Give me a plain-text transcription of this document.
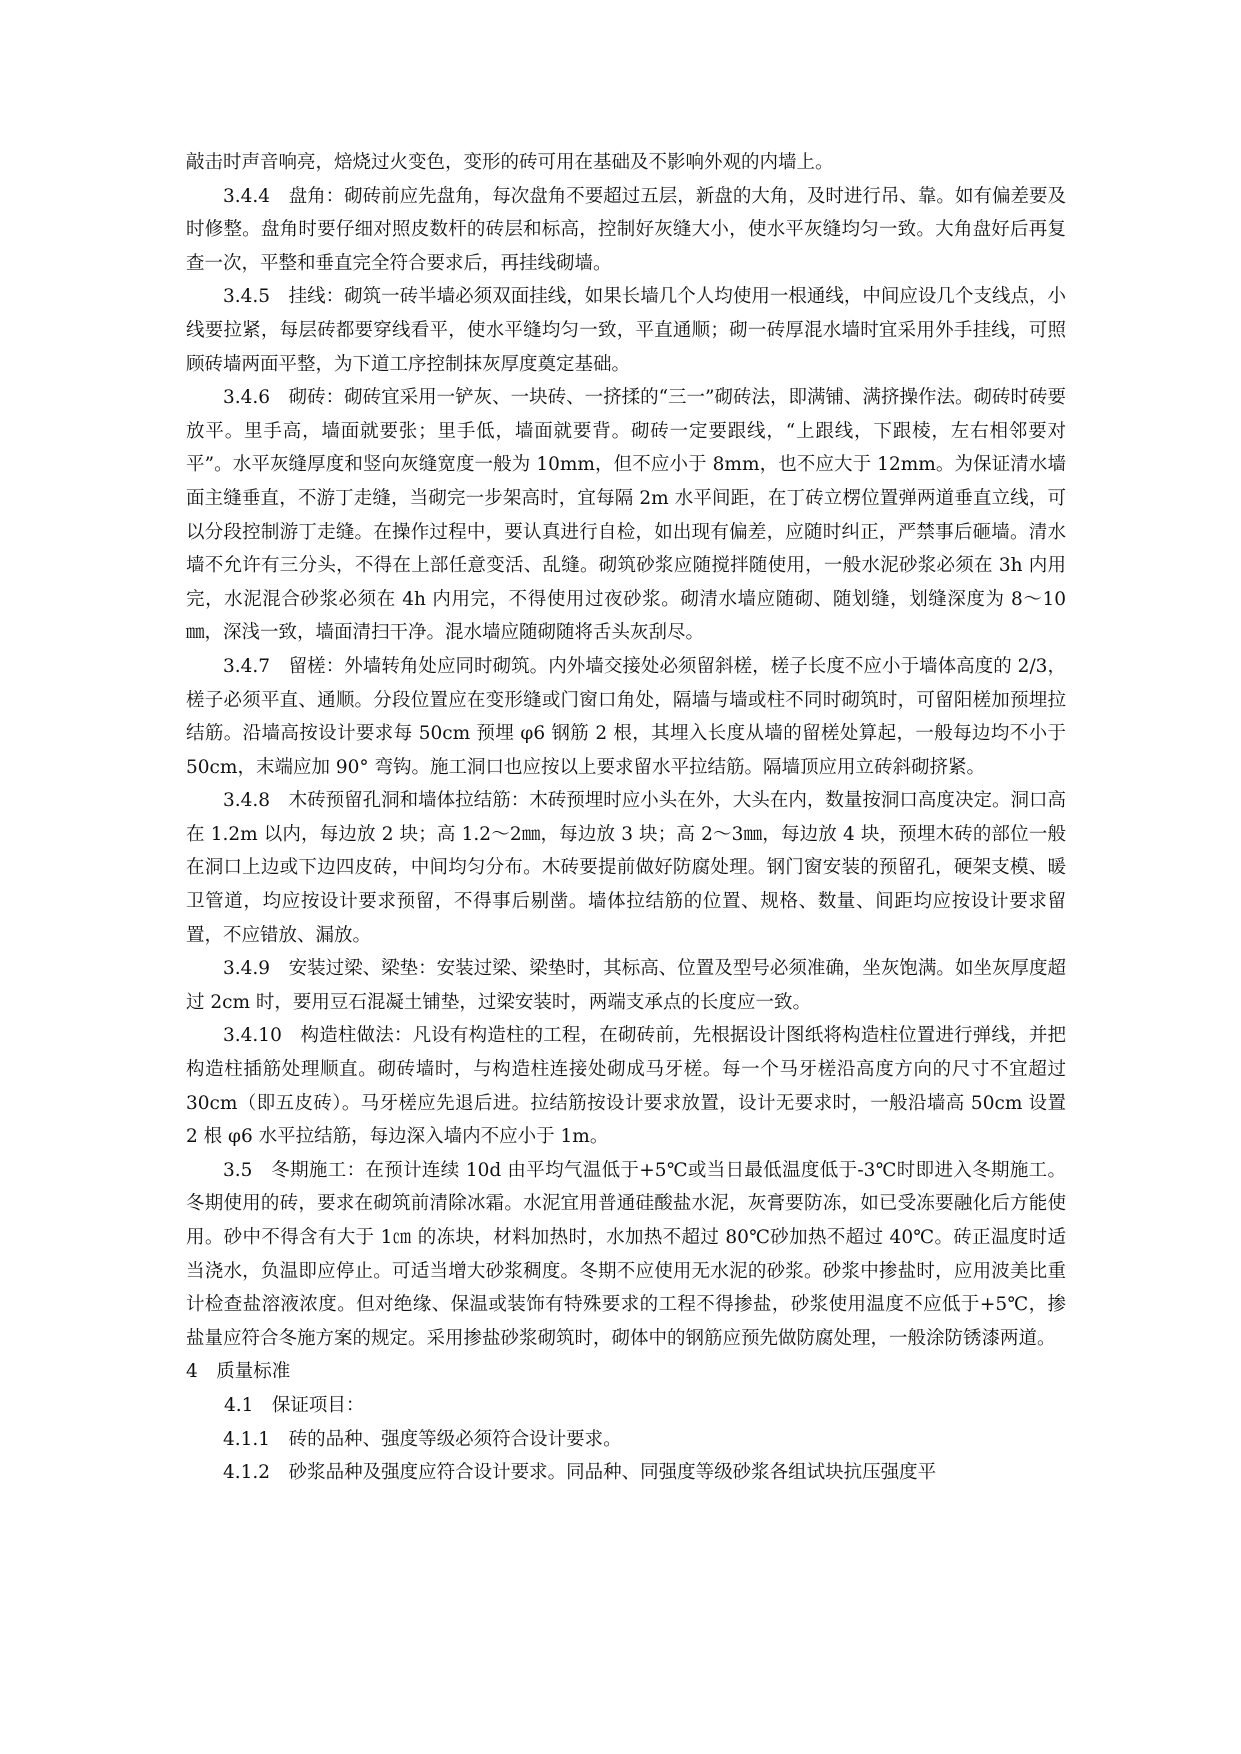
敲击时声音响亮，焙烧过火变色，变形的砖可用在基础及不影响外观的内墙上。

3.4.4 盘角：砌砖前应先盘角，每次盘角不要超过五层，新盘的大角，及时进行吊、靠。如有偏差要及时修整。盘角时要仔细对照皮数杆的砖层和标高，控制好灰缝大小，使水平灰缝均匀一致。大角盘好后再复查一次，平整和垂直完全符合要求后，再挂线砌墙。

3.4.5 挂线：砌筑一砖半墙必须双面挂线，如果长墙几个人均使用一根通线，中间应设几个支线点，小线要拉紧，每层砖都要穿线看平，使水平缝均匀一致，平直通顺；砌一砖厚混水墙时宜采用外手挂线，可照顾砖墙两面平整，为下道工序控制抹灰厚度奠定基础。

3.4.6 砌砖：砌砖宜采用一铲灰、一块砖、一挤揉的“三一”砌砖法，即满铺、满挤操作法。砌砖时砖要放平。里手高，墙面就要张；里手低，墙面就要背。砌砖一定要跟线，“上跟线，下跟棱，左右相邻要对平”。水平灰缝厚度和竖向灰缝宽度一般为 10mm，但不应小于 8mm，也不应大于 12mm。为保证清水墙面主缝垂直，不游丁走缝，当砌完一步架高时，宜每隔 2m 水平间距，在丁砖立楞位置弹两道垂直立线，可以分段控制游丁走缝。在操作过程中，要认真进行自检，如出现有偏差，应随时纠正，严禁事后砸墙。清水墙不允许有三分头，不得在上部任意变活、乱缝。砌筑砂浆应随搅拌随使用，一般水泥砂浆必须在 3h 内用完，水泥混合砂浆必须在 4h 内用完，不得使用过夜砂浆。砌清水墙应随砌、随划缝，划缝深度为 8～10㎜，深浅一致，墙面清扫干净。混水墙应随砌随将舌头灰刮尽。

3.4.7 留槎：外墙转角处应同时砌筑。内外墙交接处必须留斜槎，槎子长度不应小于墙体高度的 2/3，槎子必须平直、通顺。分段位置应在变形缝或门窗口角处，隔墙与墙或柱不同时砌筑时，可留阳槎加预埋拉结筋。沿墙高按设计要求每 50cm 预埋 φ6 钢筋 2 根，其埋入长度从墙的留槎处算起，一般每边均不小于 50cm，末端应加 90° 弯钩。施工洞口也应按以上要求留水平拉结筋。隔墙顶应用立砖斜砌挤紧。

3.4.8 木砖预留孔洞和墙体拉结筋：木砖预埋时应小头在外，大头在内，数量按洞口高度决定。洞口高在 1.2m 以内，每边放 2 块；高 1.2～2㎜，每边放 3 块；高 2～3㎜，每边放 4 块，预埋木砖的部位一般在洞口上边或下边四皮砖，中间均匀分布。木砖要提前做好防腐处理。钢门窗安装的预留孔，硬架支模、暖卫管道，均应按设计要求预留，不得事后剔凿。墙体拉结筋的位置、规格、数量、间距均应按设计要求留置，不应错放、漏放。

3.4.9 安装过梁、梁垫：安装过梁、梁垫时，其标高、位置及型号必须准确，坐灰饱满。如坐灰厚度超过 2cm 时，要用豆石混凝土铺垫，过梁安装时，两端支承点的长度应一致。

3.4.10 构造柱做法：凡设有构造柱的工程，在砌砖前，先根据设计图纸将构造柱位置进行弹线，并把构造柱插筋处理顺直。砌砖墙时，与构造柱连接处砌成马牙槎。每一个马牙槎沿高度方向的尺寸不宜超过 30cm（即五皮砖）。马牙槎应先退后进。拉结筋按设计要求放置，设计无要求时，一般沿墙高 50cm 设置 2 根 φ6 水平拉结筋，每边深入墙内不应小于 1m。

3.5 冬期施工：在预计连续 10d 由平均气温低于+5℃或当日最低温度低于-3℃时即进入冬期施工。冬期使用的砖，要求在砌筑前清除冰霜。水泥宜用普通硅酸盐水泥，灰膏要防冻，如已受冻要融化后方能使用。砂中不得含有大于 1㎝ 的冻块，材料加热时，水加热不超过 80℃砂加热不超过 40℃。砖正温度时适当浇水，负温即应停止。可适当增大砂浆稠度。冬期不应使用无水泥的砂浆。砂浆中掺盐时，应用波美比重计检查盐溶液浓度。但对绝缘、保温或装饰有特殊要求的工程不得掺盐，砂浆使用温度不应低于+5℃，掺盐量应符合冬施方案的规定。采用掺盐砂浆砌筑时，砌体中的钢筋应预先做防腐处理，一般涂防锈漆两道。

4 质量标准

4.1 保证项目：

4.1.1 砖的品种、强度等级必须符合设计要求。

4.1.2 砂浆品种及强度应符合设计要求。同品种、同强度等级砂浆各组试块抗压强度平
